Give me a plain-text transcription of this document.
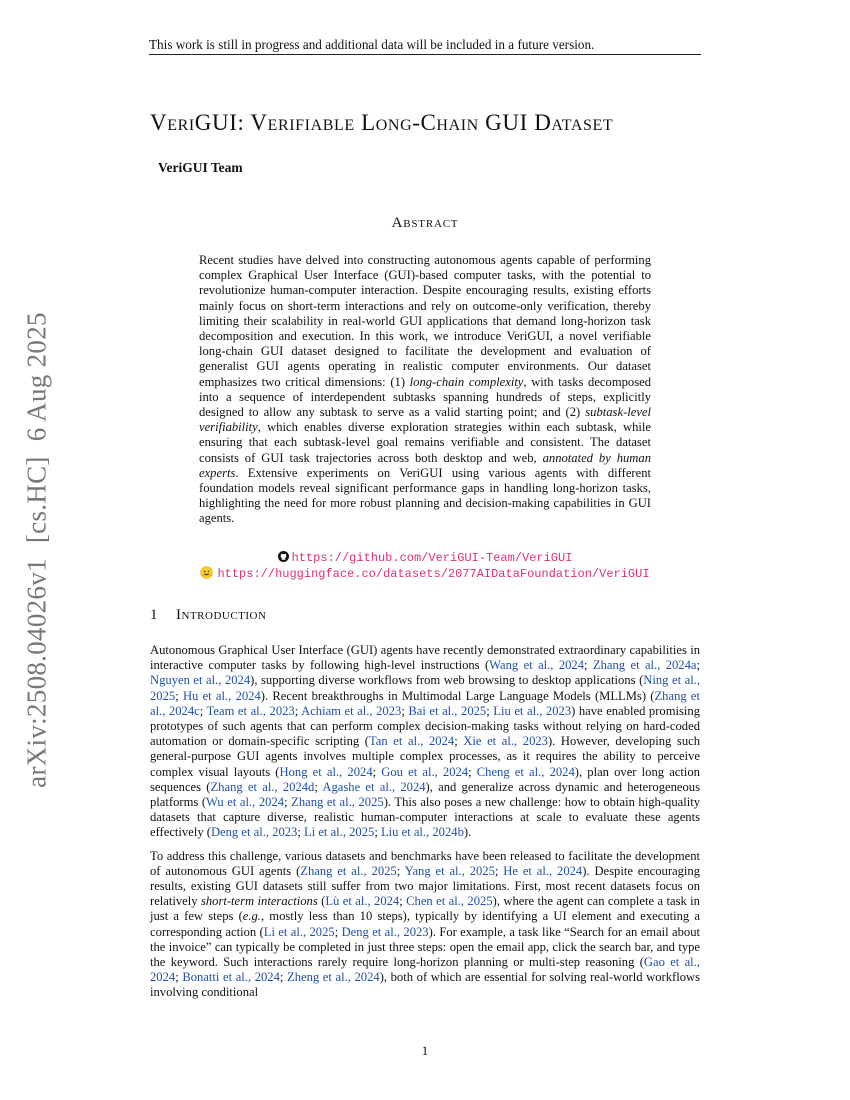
This work is still in progress and additional data will be included in a future version.
arXiv:2508.04026v1 [cs.HC] 6 Aug 2025
VeriGUI: Verifiable Long-Chain GUI Dataset
VeriGUI Team
Abstract
Recent studies have delved into constructing autonomous agents capable of performing complex Graphical User Interface (GUI)-based computer tasks, with the potential to revolutionize human-computer interaction. Despite encouraging results, existing efforts mainly focus on short-term interactions and rely on outcome-only verification, thereby limiting their scalability in real-world GUI applications that demand long-horizon task decomposition and execution. In this work, we introduce VeriGUI, a novel verifiable long-chain GUI dataset designed to facilitate the development and evaluation of generalist GUI agents operating in realistic computer environments. Our dataset emphasizes two critical dimensions: (1) long-chain complexity, with tasks decomposed into a sequence of interdependent subtasks spanning hundreds of steps, explicitly designed to allow any subtask to serve as a valid starting point; and (2) subtask-level verifiability, which enables diverse exploration strategies within each subtask, while ensuring that each subtask-level goal remains verifiable and consistent. The dataset consists of GUI task trajectories across both desktop and web, annotated by human experts. Extensive experiments on VeriGUI using various agents with different foundation models reveal significant performance gaps in handling long-horizon tasks, highlighting the need for more robust planning and decision-making capabilities in GUI agents.
https://github.com/VeriGUI-Team/VeriGUI
https://huggingface.co/datasets/2077AIDataFoundation/VeriGUI
1 Introduction

Autonomous Graphical User Interface (GUI) agents have recently demonstrated extraordinary capabilities in interactive computer tasks by following high-level instructions (Wang et al., 2024; Zhang et al., 2024a; Nguyen et al., 2024), supporting diverse workflows from web browsing to desktop applications (Ning et al., 2025; Hu et al., 2024). Recent breakthroughs in Multimodal Large Language Models (MLLMs) (Zhang et al., 2024c; Team et al., 2023; Achiam et al., 2023; Bai et al., 2025; Liu et al., 2023) have enabled promising prototypes of such agents that can perform complex decision-making tasks without relying on hard-coded automation or domain-specific scripting (Tan et al., 2024; Xie et al., 2023). However, developing such general-purpose GUI agents involves multiple complex processes, as it requires the ability to perceive complex visual layouts (Hong et al., 2024; Gou et al., 2024; Cheng et al., 2024), plan over long action sequences (Zhang et al., 2024d; Agashe et al., 2024), and generalize across dynamic and heterogeneous platforms (Wu et al., 2024; Zhang et al., 2025). This also poses a new challenge: how to obtain high-quality datasets that capture diverse, realistic human-computer interactions at scale to evaluate these agents effectively (Deng et al., 2023; Li et al., 2025; Liu et al., 2024b).

To address this challenge, various datasets and benchmarks have been released to facilitate the development of autonomous GUI agents (Zhang et al., 2025; Yang et al., 2025; He et al., 2024). Despite encouraging results, existing GUI datasets still suffer from two major limitations. First, most recent datasets focus on relatively short-term interactions (Lù et al., 2024; Chen et al., 2025), where the agent can complete a task in just a few steps (e.g., mostly less than 10 steps), typically by identifying a UI element and executing a corresponding action (Li et al., 2025; Deng et al., 2023). For example, a task like “Search for an email about the invoice” can typically be completed in just three steps: open the email app, click the search bar, and type the keyword. Such interactions rarely require long-horizon planning or multi-step reasoning (Gao et al., 2024; Bonatti et al., 2024; Zheng et al., 2024), both of which are essential for solving real-world workflows involving conditional

1
